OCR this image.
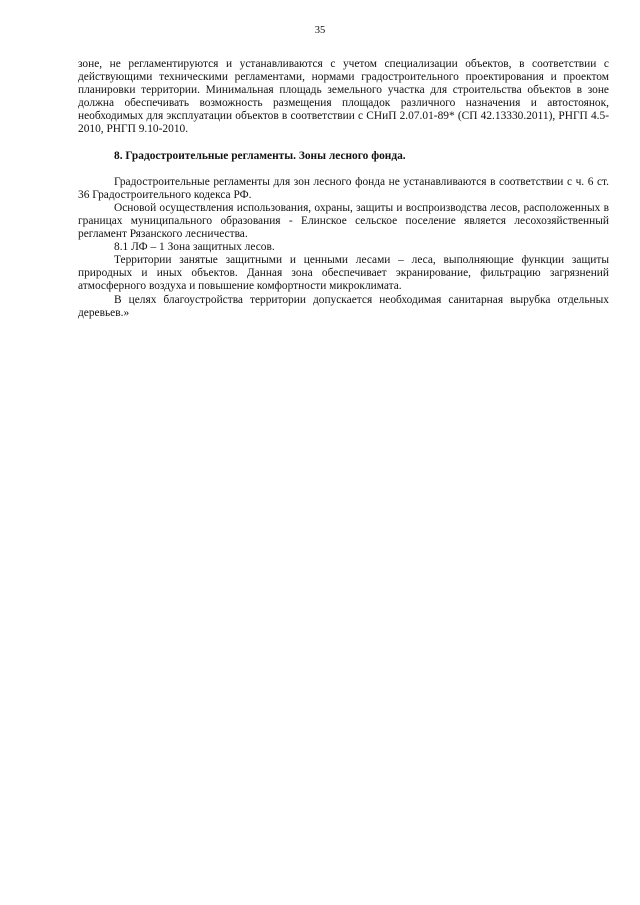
35

зоне, не регламентируются и устанавливаются с учетом специализации объектов, в соответствии с действующими техническими регламентами, нормами градостроительного проектирования и проектом планировки территории. Минимальная площадь земельного участка для строительства объектов в зоне должна обеспечивать возможность размещения площадок различного назначения и автостоянок, необходимых для эксплуатации объектов в соответствии с СНиП 2.07.01-89* (СП 42.13330.2011), РНГП 4.5-2010, РНГП 9.10-2010.

8. Градостроительные регламенты. Зоны лесного фонда.

Градостроительные регламенты для зон лесного фонда не устанавливаются в соответствии с ч. 6 ст. 36 Градостроительного кодекса РФ.

Основой осуществления использования, охраны, защиты и воспроизводства лесов, расположенных в границах муниципального образования - Елинское сельское поселение является лесохозяйственный регламент Рязанского лесничества.

8.1 ЛФ – 1 Зона защитных лесов.

Территории занятые защитными и ценными лесами – леса, выполняющие функции защиты природных и иных объектов. Данная зона обеспечивает экранирование, фильтрацию загрязнений атмосферного воздуха и повышение комфортности микроклимата.

В целях благоустройства территории допускается необходимая санитарная вырубка отдельных деревьев.»
